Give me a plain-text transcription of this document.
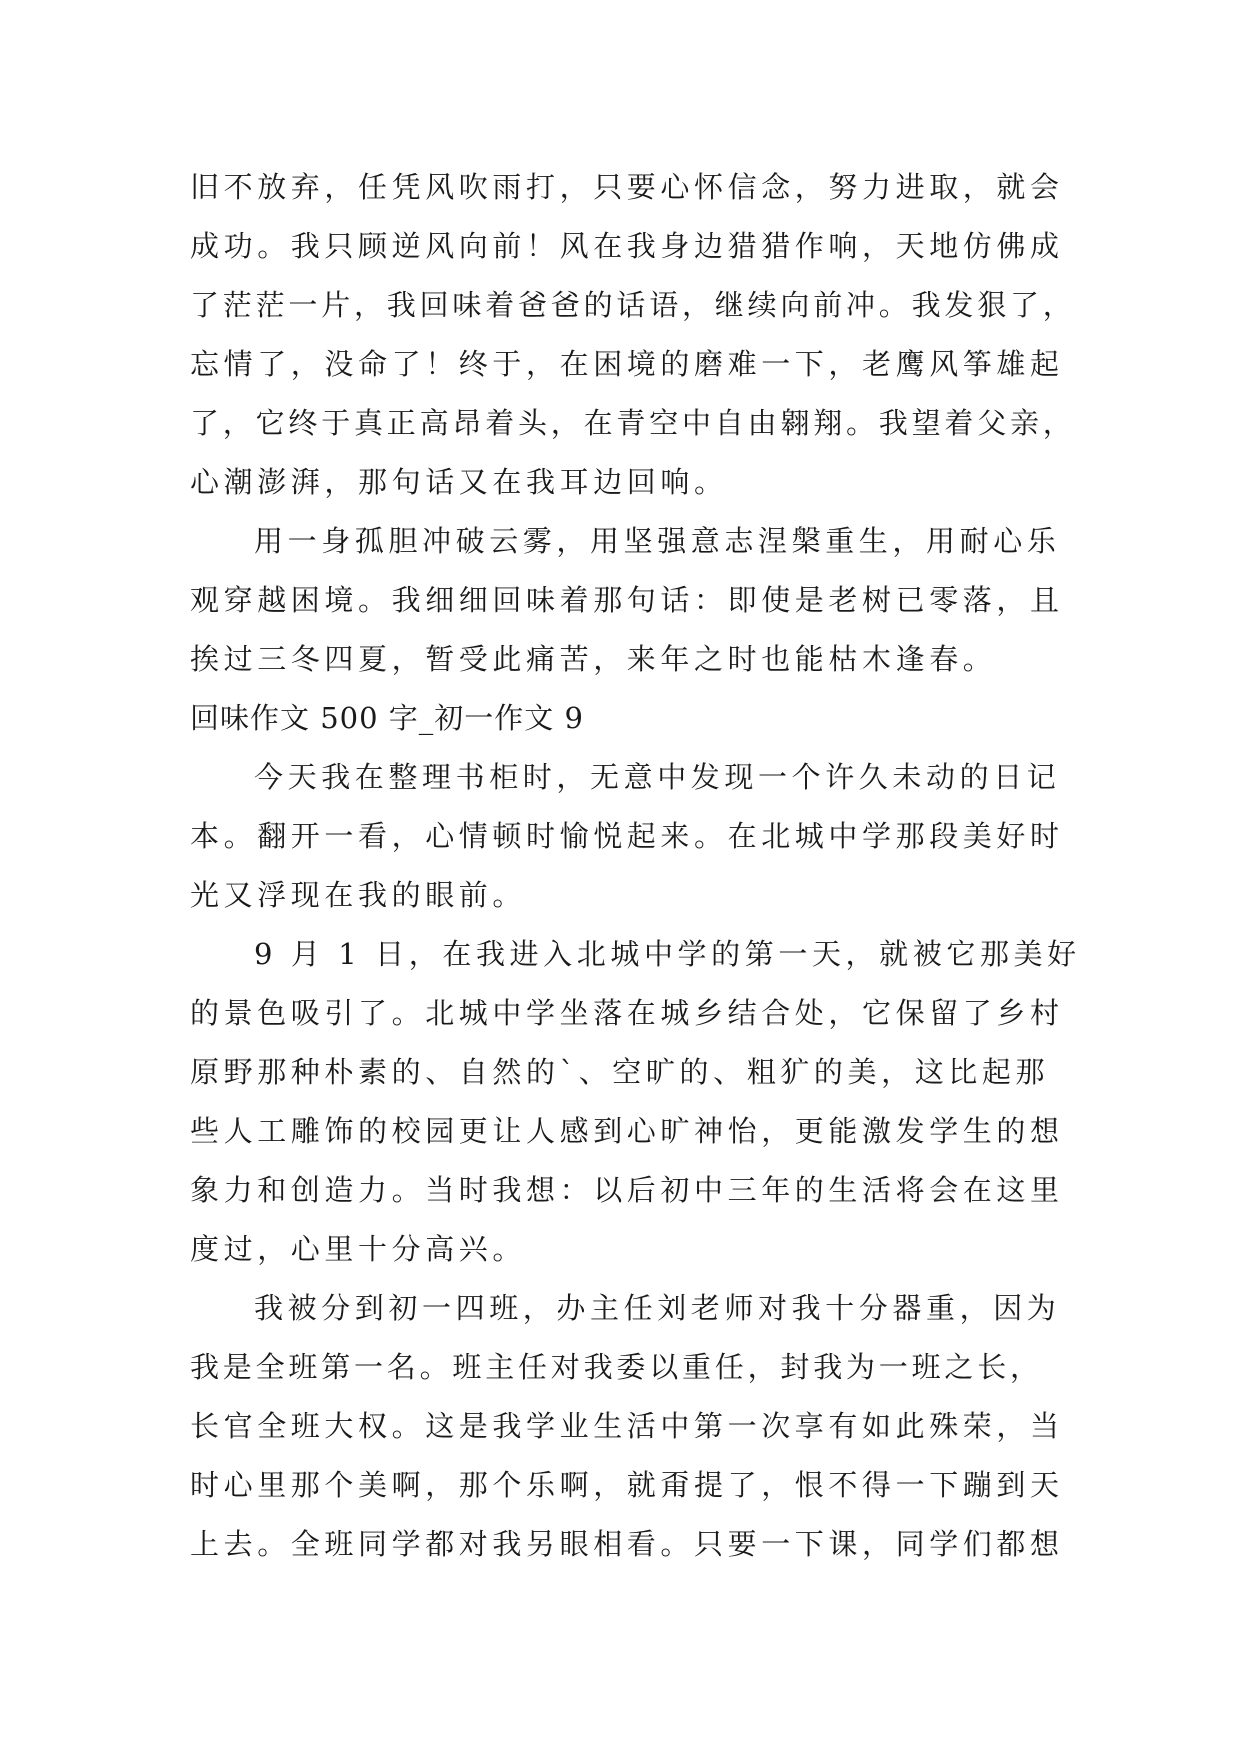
旧不放弃，任凭风吹雨打，只要心怀信念，努力进取，就会
成功。我只顾逆风向前！风在我身边猎猎作响，天地仿佛成
了茫茫一片，我回味着爸爸的话语，继续向前冲。我发狠了，
忘情了，没命了！终于，在困境的磨难一下，老鹰风筝雄起
了，它终于真正高昂着头，在青空中自由翱翔。我望着父亲，
心潮澎湃，那句话又在我耳边回响。
用一身孤胆冲破云雾，用坚强意志涅槃重生，用耐心乐
观穿越困境。我细细回味着那句话：即使是老树已零落，且
挨过三冬四夏，暂受此痛苦，来年之时也能枯木逢春。
回味作文 500 字_初一作文 9
今天我在整理书柜时，无意中发现一个许久未动的日记
本。翻开一看，心情顿时愉悦起来。在北城中学那段美好时
光又浮现在我的眼前。
9 月 1 日，在我进入北城中学的第一天，就被它那美好
的景色吸引了。北城中学坐落在城乡结合处，它保留了乡村
原野那种朴素的、自然的`、空旷的、粗犷的美，这比起那
些人工雕饰的校园更让人感到心旷神怡，更能激发学生的想
象力和创造力。当时我想：以后初中三年的生活将会在这里
度过，心里十分高兴。
我被分到初一四班，办主任刘老师对我十分器重，因为
我是全班第一名。班主任对我委以重任，封我为一班之长，
长官全班大权。这是我学业生活中第一次享有如此殊荣，当
时心里那个美啊，那个乐啊，就甭提了，恨不得一下蹦到天
上去。全班同学都对我另眼相看。只要一下课，同学们都想
